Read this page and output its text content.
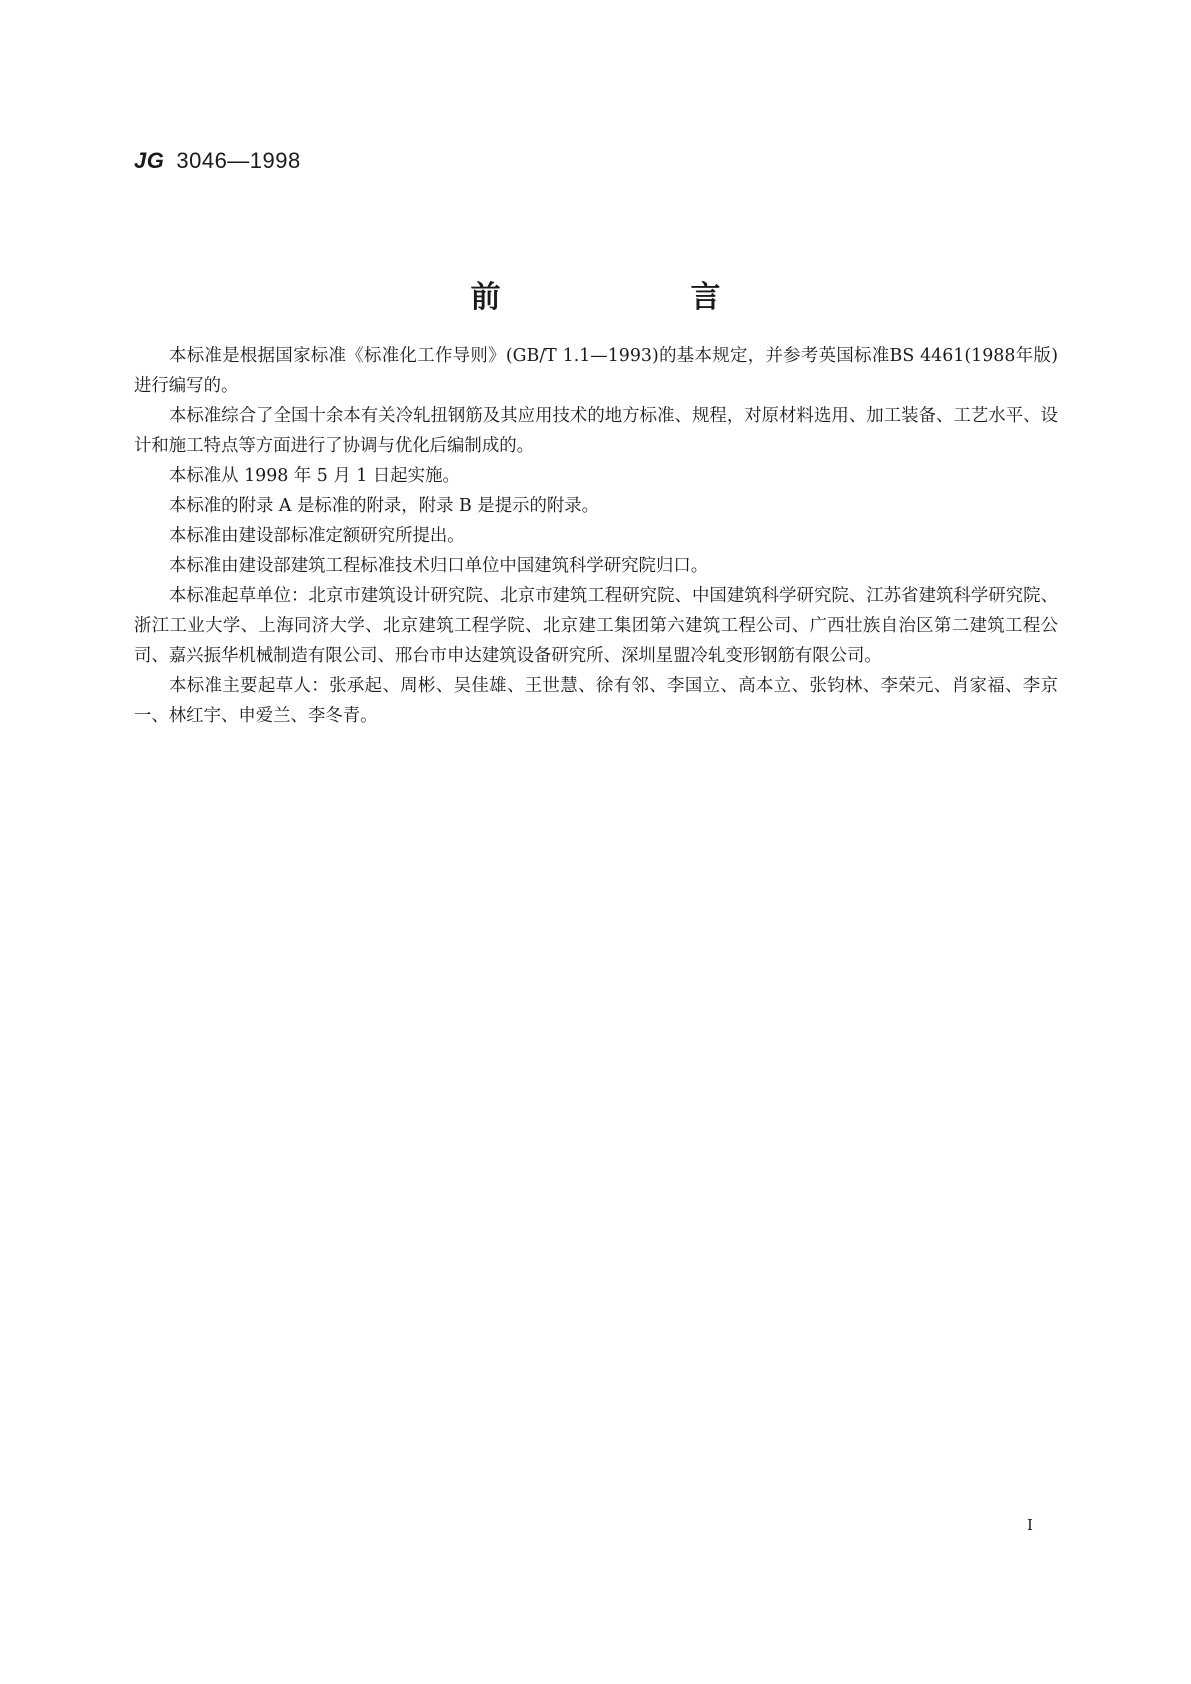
JG 3046—1998
前　言

本标准是根据国家标准《标准化工作导则》(GB/T 1.1—1993)的基本规定，并参考英国标准BS 4461(1988年版)进行编写的。

本标准综合了全国十余本有关冷轧扭钢筋及其应用技术的地方标准、规程，对原材料选用、加工装备、工艺水平、设计和施工特点等方面进行了协调与优化后编制成的。

本标准从 1998 年 5 月 1 日起实施。

本标准的附录 A 是标准的附录，附录 B 是提示的附录。

本标准由建设部标准定额研究所提出。

本标准由建设部建筑工程标准技术归口单位中国建筑科学研究院归口。

本标准起草单位：北京市建筑设计研究院、北京市建筑工程研究院、中国建筑科学研究院、江苏省建筑科学研究院、浙江工业大学、上海同济大学、北京建筑工程学院、北京建工集团第六建筑工程公司、广西壮族自治区第二建筑工程公司、嘉兴振华机械制造有限公司、邢台市申达建筑设备研究所、深圳星盟冷轧变形钢筋有限公司。

本标准主要起草人：张承起、周彬、吴佳雄、王世慧、徐有邻、李国立、高本立、张钧林、李荣元、肖家福、李京一、林红宇、申爱兰、李冬青。

I
